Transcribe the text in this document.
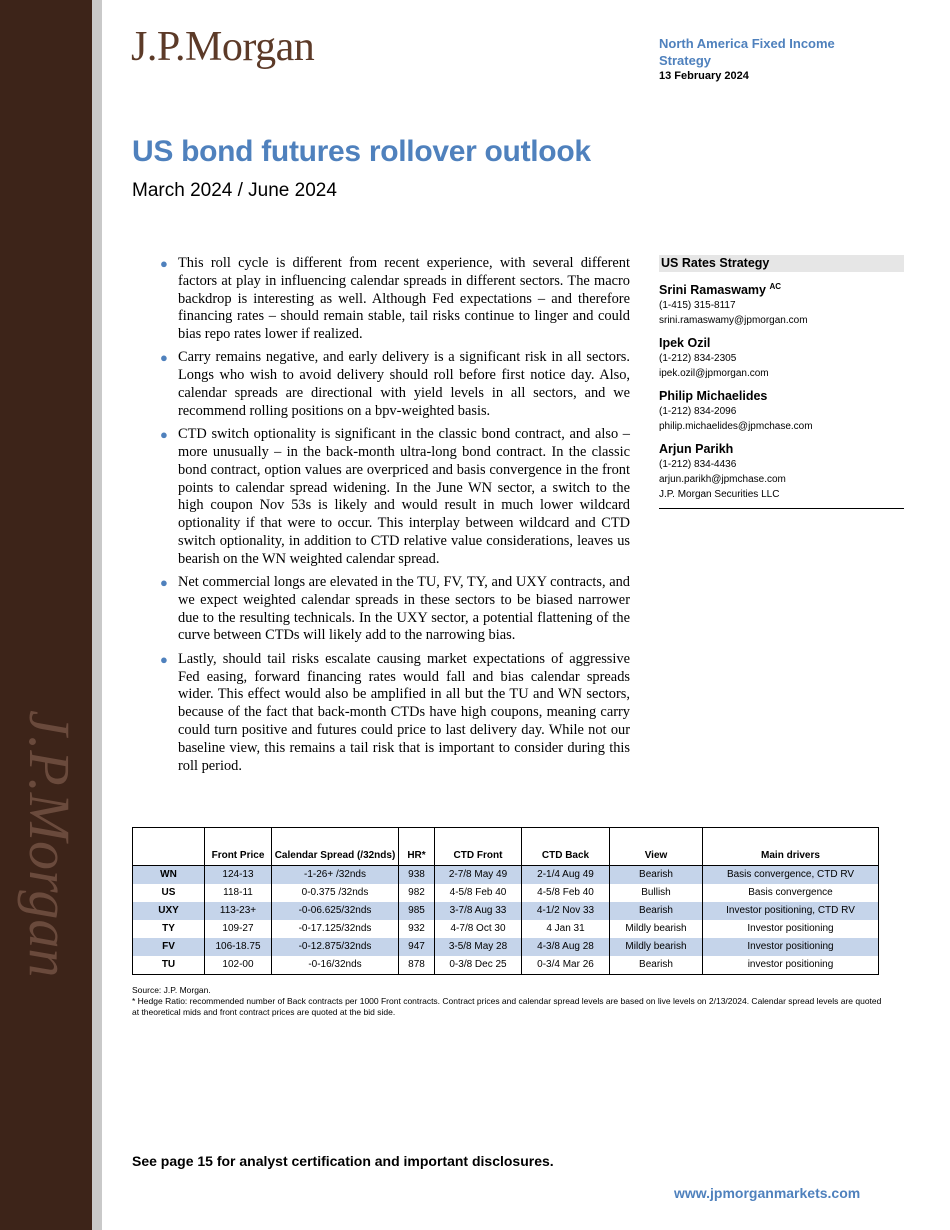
J.P.Morgan
J.P.Morgan	North America Fixed Income Strategy
13 February 2024
US bond futures rollover outlook
March 2024 / June 2024
● This roll cycle is different from recent experience, with several different factors at play in influencing calendar spreads in different sectors. The macro backdrop is interesting as well. Although Fed expectations – and therefore financing rates – should remain stable, tail risks continue to linger and could bias repo rates lower if realized.
● Carry remains negative, and early delivery is a significant risk in all sectors. Longs who wish to avoid delivery should roll before first notice day. Also, calendar spreads are directional with yield levels in all sectors, and we recommend rolling positions on a bpv-weighted basis.
● CTD switch optionality is significant in the classic bond contract, and also – more unusually – in the back-month ultra-long bond contract. In the classic bond contract, option values are overpriced and basis convergence in the front points to calendar spread widening. In the June WN sector, a switch to the high coupon Nov 53s is likely and would result in much lower wildcard optionality if that were to occur. This interplay between wildcard and CTD switch optionality, in addition to CTD relative value considerations, leaves us bearish on the WN weighted calendar spread.
● Net commercial longs are elevated in the TU, FV, TY, and UXY contracts, and we expect weighted calendar spreads in these sectors to be biased narrower due to the resulting technicals. In the UXY sector, a potential flattening of the curve between CTDs will likely add to the narrowing bias.
● Lastly, should tail risks escalate causing market expectations of aggressive Fed easing, forward financing rates would fall and bias calendar spreads wider. This effect would also be amplified in all but the TU and WN sectors, because of the fact that back-month CTDs have high coupons, meaning carry could turn positive and futures could price to last delivery day. While not our baseline view, this remains a tail risk that is important to consider during this roll period.
US Rates Strategy
Srini Ramaswamy $^{AC}$
(1-415) 315-8117
srini.ramaswamy@jpmorgan.com
Ipek Ozil
(1-212) 834-2305
ipek.ozil@jpmorgan.com
Philip Michaelides
(1-212) 834-2096
philip.michaelides@jpmchase.com
Arjun Parikh
(1-212) 834-4436
arjun.parikh@jpmchase.com
J.P. Morgan Securities LLC
	Front Price	Calendar Spread (/32nds)	HR*	CTD Front	CTD Back	View	Main drivers
WN	124-13	-1-26+ /32nds	938	2-7/8 May 49	2-1/4 Aug 49	Bearish	Basis convergence, CTD RV
US	118-11	0-0.375 /32nds	982	4-5/8 Feb 40	4-5/8 Feb 40	Bullish	Basis convergence
UXY	113-23+	-0-06.625/32nds	985	3-7/8 Aug 33	4-1/2 Nov 33	Bearish	Investor positioning, CTD RV
TY	109-27	-0-17.125/32nds	932	4-7/8 Oct 30	4 Jan 31	Mildly bearish	Investor positioning
FV	106-18.75	-0-12.875/32nds	947	3-5/8 May 28	4-3/8 Aug 28	Mildly bearish	Investor positioning
TU	102-00	-0-16/32nds	878	0-3/8 Dec 25	0-3/4 Mar 26	Bearish	investor positioning
Source: J.P. Morgan.
* Hedge Ratio: recommended number of Back contracts per 1000 Front contracts. Contract prices and calendar spread levels are based on live levels on 2/13/2024. Calendar spread levels are quoted at theoretical mids and front contract prices are quoted at the bid side.
See page 15 for analyst certification and important disclosures.
www.jpmorganmarkets.com
